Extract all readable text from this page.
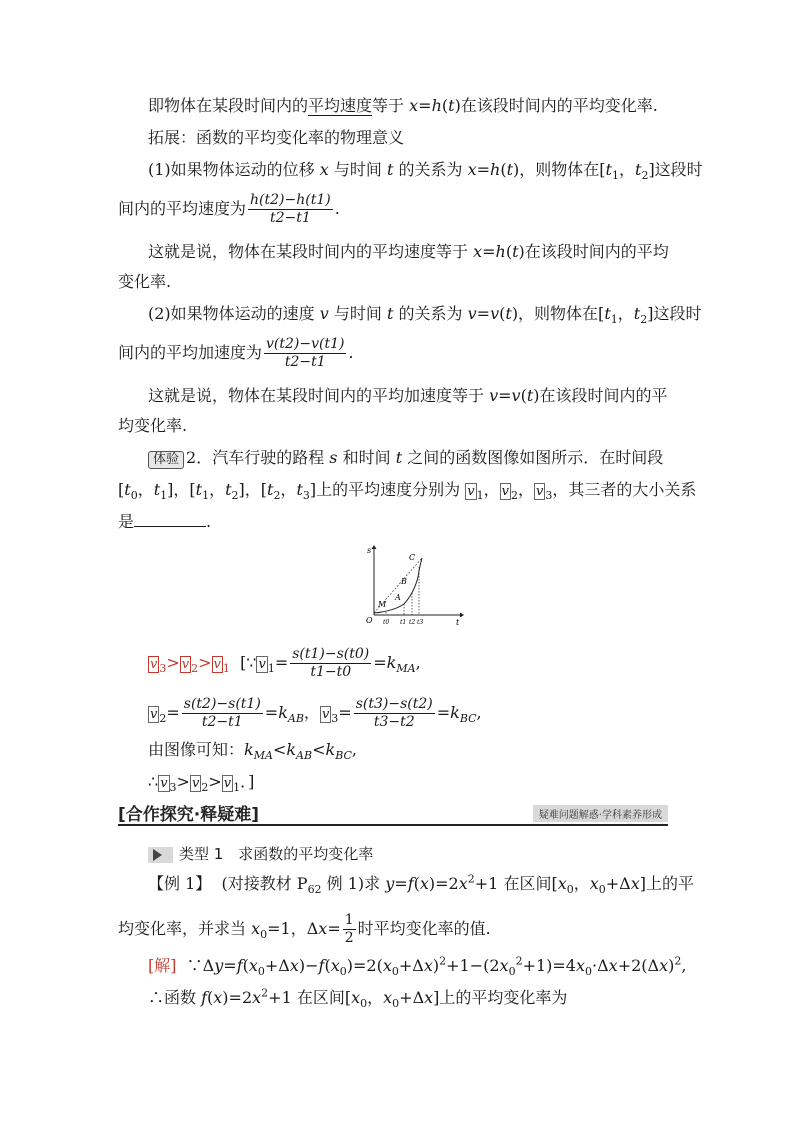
即物体在某段时间内的平均速度等于 x=h(t)在该段时间内的平均变化率.
拓展：函数的平均变化率的物理意义
(1)如果物体运动的位移 x 与时间 t 的关系为 x=h(t)，则物体在[$t_1$，$t_2$]这段时
间内的平均速度为 $\frac{h(t2)-h(t1)}{t2-t1}$ .
这就是说，物体在某段时间内的平均速度等于 x=h(t)在该段时间内的平均
变化率.
(2)如果物体运动的速度 v 与时间 t 的关系为 v=v(t)，则物体在[$t_1$，$t_2$]这段时
间内的平均加速度为 $\frac{v(t2)-v(t1)}{t2-t1}$ .
这就是说，物体在某段时间内的平均加速度等于 v=v(t)在该段时间内的平
均变化率.
体验 2．汽车行驶的路程 s 和时间 t 之间的函数图像如图所示．在时间段
[$t_0$，$t_1$]，[$t_1$，$t_2$]，[$t_2$，$t_3$]上的平均速度分别为 v $_1$， v $_2$， v $_3$，其三者的大小关系
是	.
s
t
O
M
A
B
C
t0 t1 t2 t3
v $_3$> v $_2$> v $_1$  [∵ v $_1= \frac{s(t1)-s(t0)}{t1-t0} =k_{MA}$,
v $_2= \frac{s(t2)-s(t1)}{t2-t1} =k_{AB}$， v $_3= \frac{s(t3)-s(t2)}{t3-t2} =k_{BC}$,
由图像可知：$k_{MA}<k_{AB}<k_{BC}$,
∴ v $_3$> v $_2$> v $_1$．]
[合作探究·释疑难]	疑难问题解惑·学科素养形成
类型 1　求函数的平均变化率
【例 1】  (对接教材 $P_{62}$ 例 1)求 $y=f(x)=2x^2+1$ 在区间[$x_0$，$x_0+\Delta x$]上的平
均变化率，并求当 $x_0=1$，$\Delta x= \frac{1}{2}$ 时平均变化率的值.
[解]  $\because\Delta y=f(x_0+\Delta x)-f(x_0)=2(x_0+\Delta x)^2+1-(2x_0^2+1)=4x_0\cdot\Delta x+2(\Delta x)^2$,
∴函数 $f(x)=2x^2+1$ 在区间[$x_0$，$x_0+\Delta x$]上的平均变化率为
